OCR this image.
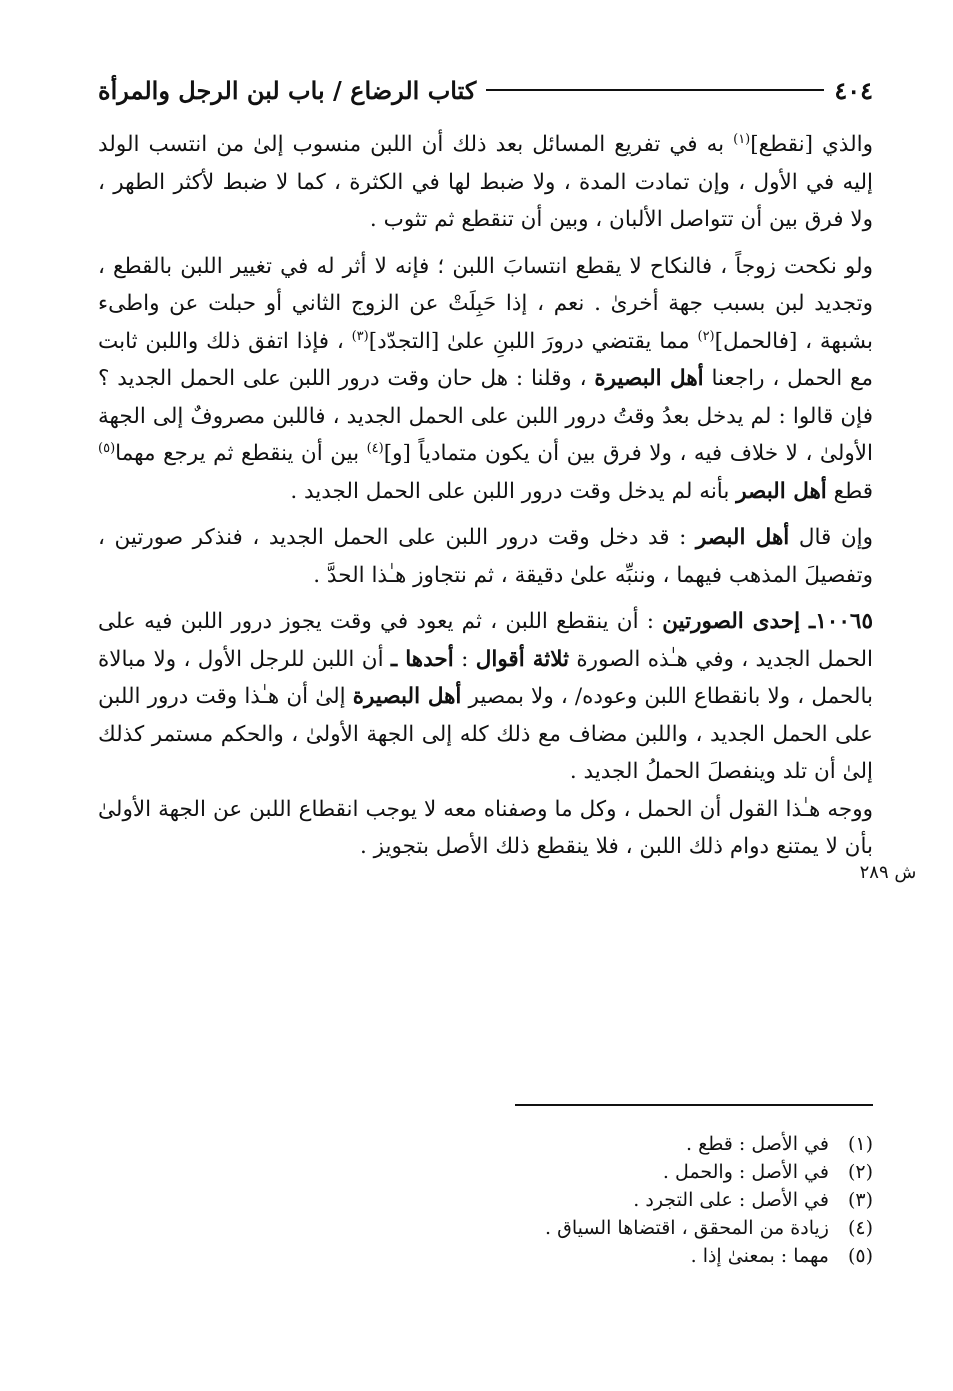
٤٠٤
كتاب الرضاع / باب لبن الرجل والمرأة

والذي [نقطع]$^{(١)}$ به في تفريع المسائل بعد ذلك أن اللبن منسوب إلىٰ من انتسب الولد إليه في الأول ، وإن تمادت المدة ، ولا ضبط لها في الكثرة ، كما لا ضبط لأكثر الطهر ، ولا فرق بين أن تتواصل الألبان ، وبين أن تنقطع ثم تثوب .

ولو نكحت زوجاً ، فالنكاح لا يقطع انتسابَ اللبن ؛ فإنه لا أثر له في تغيير اللبن بالقطع ، وتجديد لبن بسبب جهة أخرىٰ . نعم ، إذا حَبِلَتْ عن الزوج الثاني أو حبلت عن واطىء بشبهة ، [فالحمل]$^{(٢)}$ مما يقتضي درورَ اللبنِ علىٰ [التجدّد]$^{(٣)}$ ، فإذا اتفق ذلك واللبن ثابت مع الحمل ، راجعنا أهل البصيرة ، وقلنا : هل حان وقت درور اللبن على الحمل الجديد ؟ فإن قالوا : لم يدخل بعدُ وقتُ درور اللبن على الحمل الجديد ، فاللبن مصروفٌ إلى الجهة الأولىٰ ، لا خلاف فيه ، ولا فرق بين أن يكون متمادياً [و]$^{(٤)}$ بين أن ينقطع ثم يرجع مهما$^{(٥)}$ قطع أهل البصر بأنه لم يدخل وقت درور اللبن على الحمل الجديد .

وإن قال أهل البصر : قد دخل وقت درور اللبن على الحمل الجديد ، فنذكر صورتين ، وتفصيلَ المذهب فيهما ، وننبِّه علىٰ دقيقة ، ثم نتجاوز هـٰذا الحدَّ .

١٠٠٦٥ـ إحدى الصورتين : أن ينقطع اللبن ، ثم يعود في وقت يجوز درور اللبن فيه على الحمل الجديد ، وفي هـٰذه الصورة ثلاثة أقوال : أحدها ـ أن اللبن للرجل الأول ، ولا مبالاة بالحمل ، ولا بانقطاع اللبن وعوده/ ، ولا بمصير أهل البصيرة إلىٰ أن هـٰذا وقت درور اللبن على الحمل الجديد ، واللبن مضاف مع ذلك كله إلى الجهة الأولىٰ ، والحكم مستمر كذلك إلىٰ أن تلد وينفصلَ الحملُ الجديد .

ووجه هـٰذا القول أن الحمل ، وكل ما وصفناه معه لا يوجب انقطاع اللبن عن الجهة الأولىٰ بأن لا يمتنع دوام ذلك اللبن ، فلا ينقطع ذلك الأصل بتجويز .

ش ٢٨٩

(١) في الأصل : قطع .

(٢) في الأصل : والحمل .

(٣) في الأصل : على التجرد .

(٤) زيادة من المحقق ، اقتضاها السياق .

(٥) مهما : بمعنىٰ إذا .
